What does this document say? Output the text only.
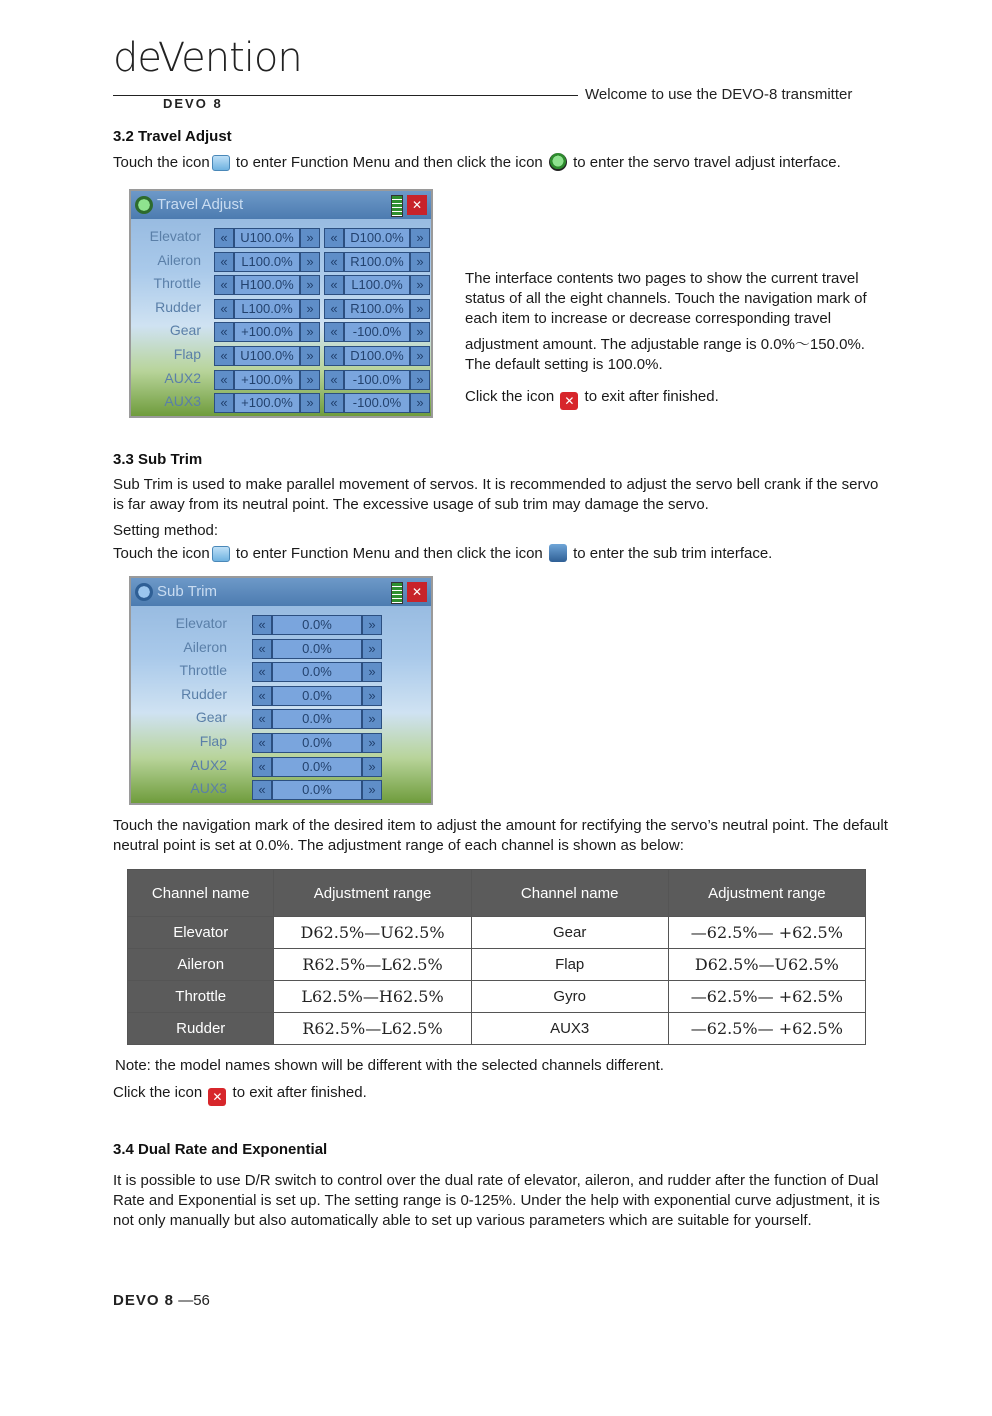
deVention
DEVO 8
Welcome to use the DEVO-8 transmitter
3.2 Travel Adjust

Touch the icon to enter Function Menu and then click the icon  to enter the servo travel adjust interface.

Travel Adjust	✕
Elevator	« U100.0% »	« D100.0% »
Aileron	«	L100.0%	»	« R100.0% »
Throttle	« H100.0% »	«	L100.0%	»
Rudder	«	L100.0%	»	« R100.0% »
Gear	«	+100.0%	»	«	-100.0%	»
Flap	« U100.0% »	« D100.0% »
AUX2	«	+100.0%	»	«	-100.0%	»
AUX3	«	+100.0%	»	«	-100.0%	»

The interface contents two pages to show the current travel status of all the eight channels. Touch the navigation mark of each item to increase or decrease corresponding travel

adjustment amount. The adjustable range is 0.0%～150.0%. The default setting is 100.0%.

Click the icon ✕ to exit after finished.

3.3 Sub Trim

Sub Trim is used to make parallel movement of servos. It is recommended to adjust the servo bell crank if the servo is far away from its neutral point. The excessive usage of sub trim may damage the servo.

Setting method:

Touch the icon to enter Function Menu and then click the icon  to enter the sub trim interface.

Sub Trim	✕
Elevator	«	0.0%	»
Aileron	«	0.0%	»
Throttle	«	0.0%	»
Rudder	«	0.0%	»
Gear	«	0.0%	»
Flap	«	0.0%	»
AUX2	«	0.0%	»
AUX3	«	0.0%	»

Touch the navigation mark of the desired item to adjust the amount for rectifying the servo’s neutral point. The default neutral point is set at 0.0%. The adjustment range of each channel is shown as below:

Channel name	Adjustment range	Channel name	Adjustment range
Elevator	D62.5%—U62.5%	Gear	—62.5%— +62.5%
Aileron	R62.5%—L62.5%	Flap	D62.5%—U62.5%
Throttle	L62.5%—H62.5%	Gyro	—62.5%— +62.5%
Rudder	R62.5%—L62.5%	AUX3	—62.5%— +62.5%

Note: the model names shown will be different with the selected channels different.

Click the icon ✕ to exit after finished.

3.4 Dual Rate and Exponential

It is possible to use D/R switch to control over the dual rate of elevator, aileron, and rudder after the function of Dual Rate and Exponential is set up. The setting range is 0-125%. Under the help with exponential curve adjustment, it is not only manually but also automatically able to set up various parameters which are suitable for yourself.

DEVO 8 —56
